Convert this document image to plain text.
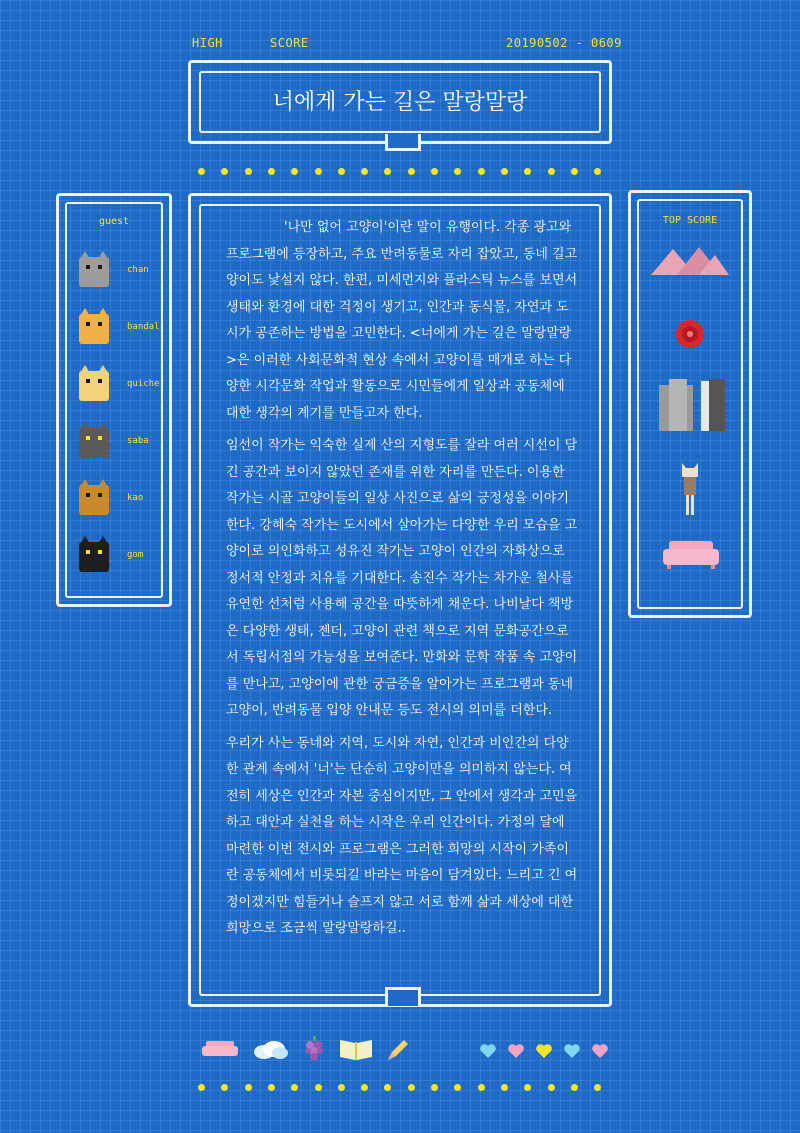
HIGH	SCORE	20190502 - 0609
너에게 가는 길은 말랑말랑
guest
chan
bandal
quiche
saba
kao
gom

'나만 없어 고양이'이란 말이 유행이다. 각종 광고와 프로그램에 등장하고, 주요 반려동물로 자리 잡았고, 동네 길고양이도 낯설지 않다. 한편, 미세먼지와 플라스틱 뉴스를 보면서 생태와 환경에 대한 걱정이 생기고, 인간과 동식물, 자연과 도시가 공존하는 방법을 고민한다. <너에게 가는 길은 말랑말랑>은 이러한 사회문화적 현상 속에서 고양이를 매개로 하는 다양한 시각문화 작업과 활동으로 시민들에게 일상과 공동체에 대한 생각의 계기를 만들고자 한다.

임선이 작가는 익숙한 실제 산의 지형도를 잘라 여러 시선이 담긴 공간과 보이지 않았던 존재를 위한 자리를 만든다. 이용한 작가는 시골 고양이들의 일상 사진으로 삶의 긍정성을 이야기한다. 강혜숙 작가는 도시에서 살아가는 다양한 우리 모습을 고양이로 의인화하고 성유진 작가는 고양이 인간의 자화상으로 정서적 안정과 치유를 기대한다. 송진수 작가는 차가운 철사를 유연한 선처럼 사용해 공간을 따뜻하게 채운다. 나비날다 책방은 다양한 생태, 젠더, 고양이 관련 책으로 지역 문화공간으로서 독립서점의 가능성을 보여준다. 만화와 문학 작품 속 고양이를 만나고, 고양이에 관한 궁금증을 알아가는 프로그램과 동네 고양이, 반려동물 입양 안내문 등도 전시의 의미를 더한다.

우리가 사는 동네와 지역, 도시와 자연, 인간과 비인간의 다양한 관계 속에서 '너'는 단순히 고양이만을 의미하지 않는다. 여전히 세상은 인간과 자본 중심이지만, 그 안에서 생각과 고민을 하고 대안과 실천을 하는 시작은 우리 인간이다. 가정의 달에 마련한 이번 전시와 프로그램은 그러한 희망의 시작이 가족이란 공동체에서 비롯되길 바라는 마음이 담겨있다. 느리고 긴 여정이겠지만 힘들거나 슬프지 않고 서로 함께 삶과 세상에 대한 희망으로 조금씩 말랑말랑하길..

TOP SCORE
